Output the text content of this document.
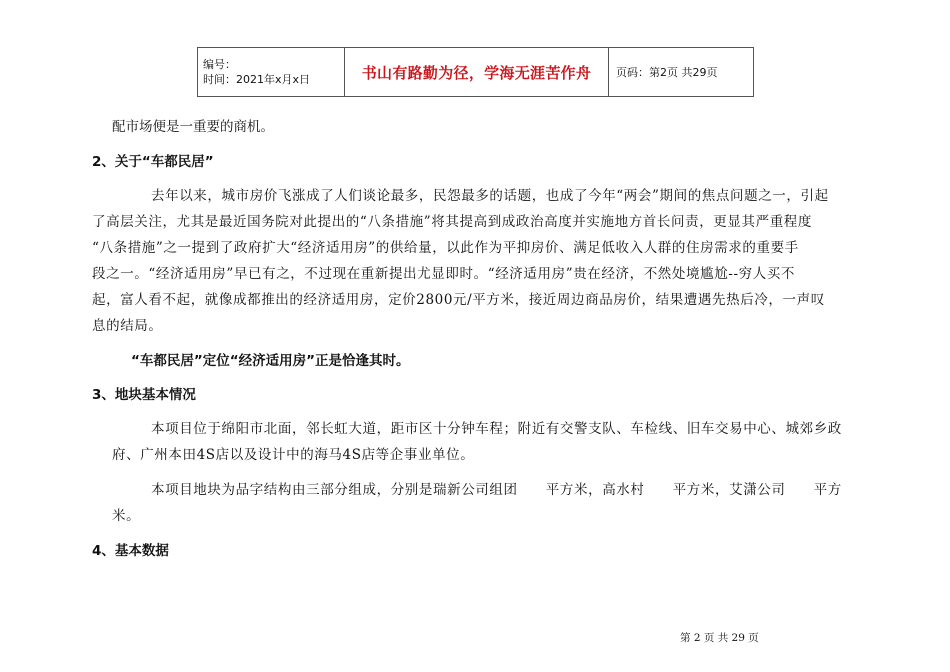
编号：
时间：2021年x月x日	书山有路勤为径，学海无涯苦作舟	页码：第2页 共29页
配市场便是一重要的商机。
2、关于“车都民居”
去年以来，城市房价飞涨成了人们谈论最多，民怨最多的话题，也成了今年“两会”期间的焦点问题之一，引起
了高层关注，尤其是最近国务院对此提出的“八条措施”将其提高到成政治高度并实施地方首长问责，更显其严重程度
“八条措施”之一提到了政府扩大“经济适用房”的供给量，以此作为平抑房价、满足低收入人群的住房需求的重要手
段之一。“经济适用房”早已有之，不过现在重新提出尤显即时。“经济适用房”贵在经济，不然处境尴尬--穷人买不
起，富人看不起，就像成都推出的经济适用房，定价2800元/平方米，接近周边商品房价，结果遭遇先热后冷，一声叹
息的结局。
“车都民居”定位“经济适用房”正是恰逢其时。
3、地块基本情况
本项目位于绵阳市北面，邻长虹大道，距市区十分钟车程；附近有交警支队、车检线、旧车交易中心、城郊乡政
府、广州本田4S店以及设计中的海马4S店等企事业单位。
本项目地块为品字结构由三部分组成，分别是瑞新公司组团　　平方米，高水村　　平方米，艾潇公司　　平方
米。
4、基本数据
第 2 页 共 29 页
